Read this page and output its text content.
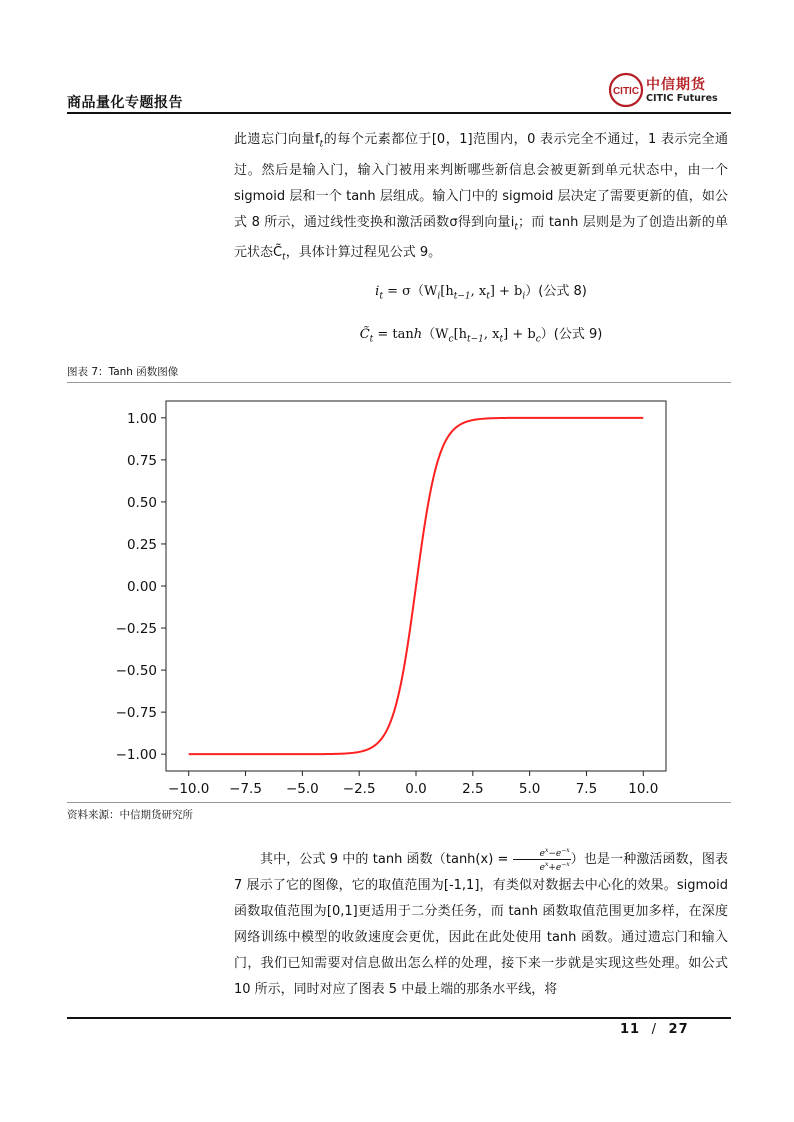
商品量化专题报告
CITIC 中信期货
CITIC Futures

此遗忘门向量$f_t$的每个元素都位于[0，1]范围内，0 表示完全不通过，1 表示完全通过。然后是输入门，输入门被用来判断哪些新信息会被更新到单元状态中，由一个 sigmoid 层和一个 tanh 层组成。输入门中的 sigmoid 层决定了需要更新的值，如公式 8 所示，通过线性变换和激活函数σ得到向量$i_t$；而 tanh 层则是为了创造出新的单元状态$C̃_t$，具体计算过程见公式 9。

$i_t = \sigma(W_i[h_{t-1}$, $x_t] + b_i$）(公式 8)
$C̃_t$ = $\tan ℎ(W_c[h_{t-1}$, $x_t] + b_c$）(公式 9)
图表 7：Tanh 函数图像
1.00
0.75
0.50
0.25
0.00
−0.25
−0.50
−0.75
−1.00
−10.0 −7.5 −5.0 −2.5 0.0	2.5	5.0	7.5 10.0
资料来源：中信期货研究所

其中，公式 9 中的 tanh 函数（$\tanh(x) = \frac{e^x-e^{-x}}{e^x+e^{-x}}$ ）也是一种激活函数，图表7 展示了它的图像，它的取值范围为[-1,1]，有类似对数据去中心化的效果。sigmoid 函数取值范围为[0,1]更适用于二分类任务，而 tanh 函数取值范围更加多样，在深度网络训练中模型的收敛速度会更优，因此在此处使用 tanh 函数。通过遗忘门和输入门，我们已知需要对信息做出怎么样的处理，接下来一步就是实现这些处理。如公式 10 所示，同时对应了图表 5 中最上端的那条水平线，将

11 / 27
